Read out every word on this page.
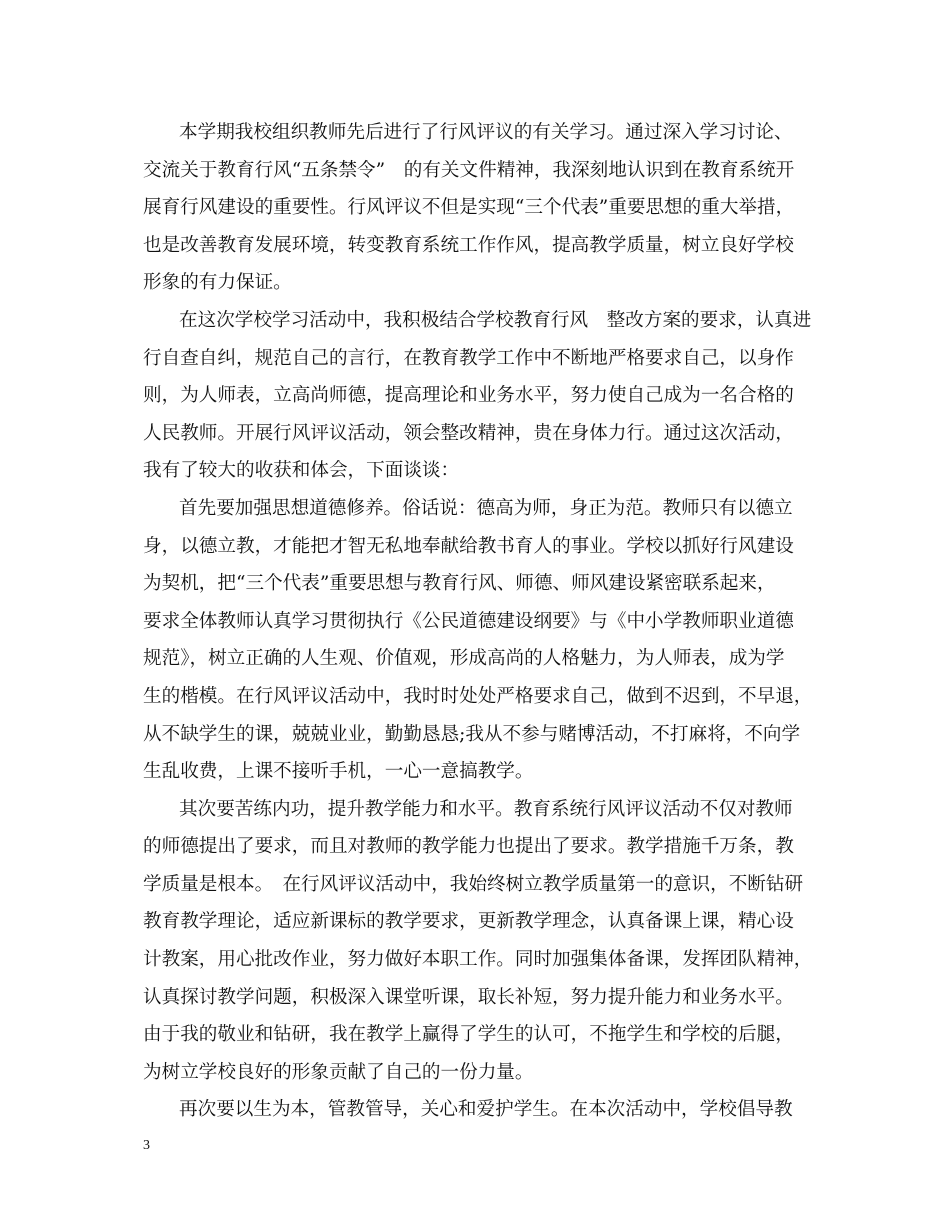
本学期我校组织教师先后进行了行风评议的有关学习。通过深入学习讨论、
交流关于教育行风“五条禁令”　的有关文件精神，我深刻地认识到在教育系统开
展育行风建设的重要性。行风评议不但是实现“三个代表”重要思想的重大举措，
也是改善教育发展环境，转变教育系统工作作风，提高教学质量，树立良好学校
形象的有力保证。
在这次学校学习活动中，我积极结合学校教育行风　整改方案的要求，认真进
行自查自纠，规范自己的言行，在教育教学工作中不断地严格要求自己，以身作
则，为人师表，立高尚师德，提高理论和业务水平，努力使自己成为一名合格的
人民教师。开展行风评议活动，领会整改精神，贵在身体力行。通过这次活动，
我有了较大的收获和体会，下面谈谈：
首先要加强思想道德修养。俗话说：德高为师，身正为范。教师只有以德立
身，以德立教，才能把才智无私地奉献给教书育人的事业。学校以抓好行风建设
为契机，把“三个代表”重要思想与教育行风、师德、师风建设紧密联系起来，
要求全体教师认真学习贯彻执行《公民道德建设纲要》与《中小学教师职业道德
规范》，树立正确的人生观、价值观，形成高尚的人格魅力，为人师表，成为学
生的楷模。在行风评议活动中，我时时处处严格要求自己，做到不迟到，不早退，
从不缺学生的课，兢兢业业，勤勤恳恳;我从不参与赌博活动，不打麻将，不向学
生乱收费，上课不接听手机，一心一意搞教学。
其次要苦练内功，提升教学能力和水平。教育系统行风评议活动不仅对教师
的师德提出了要求，而且对教师的教学能力也提出了要求。教学措施千万条，教
学质量是根本。　在行风评议活动中，我始终树立教学质量第一的意识，不断钻研
教育教学理论，适应新课标的教学要求，更新教学理念，认真备课上课，精心设
计教案，用心批改作业，努力做好本职工作。同时加强集体备课，发挥团队精神，
认真探讨教学问题，积极深入课堂听课，取长补短，努力提升能力和业务水平。
由于我的敬业和钻研，我在教学上赢得了学生的认可，不拖学生和学校的后腿，
为树立学校良好的形象贡献了自己的一份力量。
再次要以生为本，管教管导，关心和爱护学生。在本次活动中，学校倡导教
3
